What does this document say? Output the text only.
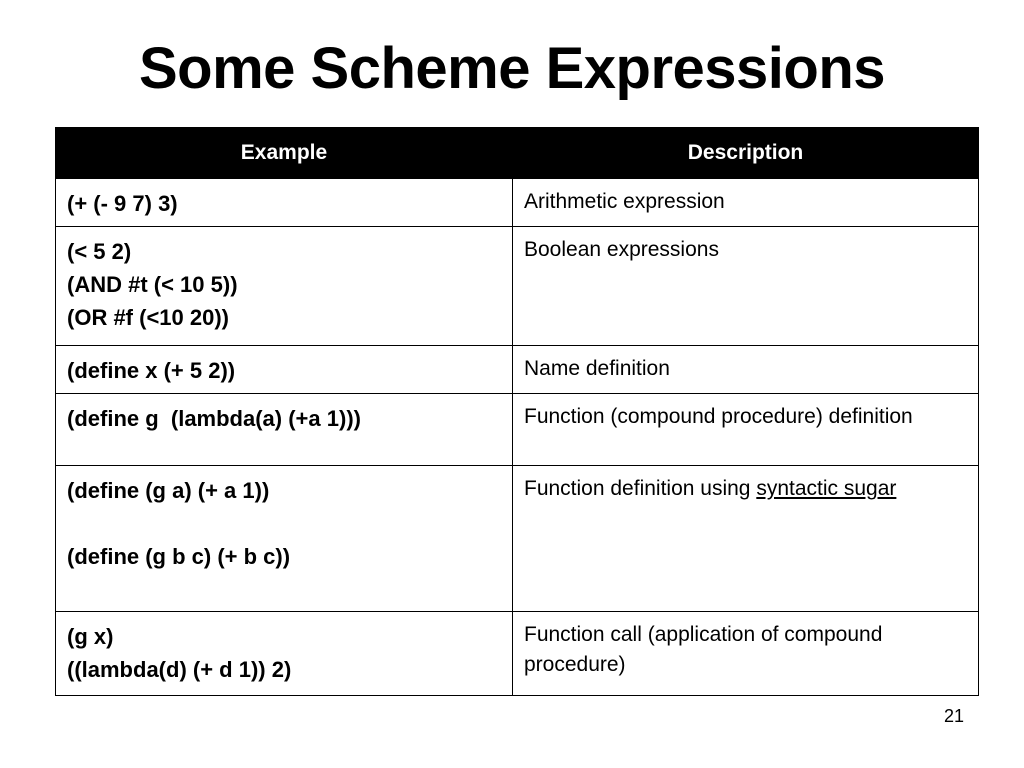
Some Scheme Expressions
Example	Description

(+ (- 9 7) 3)	Arithmetic expression

(< 5 2)
(AND #t (< 10 5))
(OR #f (<10 20))	Boolean expressions

(define x (+ 5 2))	Name definition

(define g  (lambda(a) (+a 1)))	Function (compound procedure) definition

(define (g a) (+ a 1))
(define (g b c) (+ b c))	Function definition using syntactic sugar

(g x)
((lambda(d) (+ d 1)) 2)	Function call (application of compound procedure)
21
